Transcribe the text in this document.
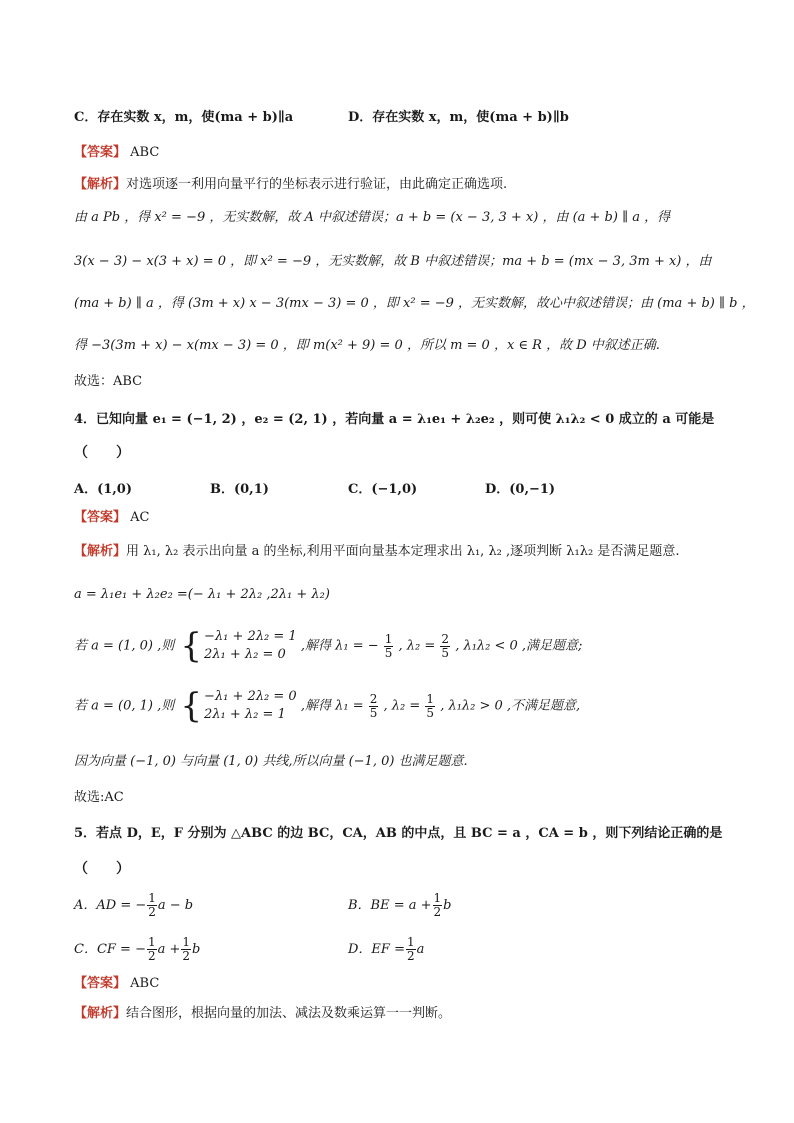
C．存在实数 x，m，使(ma + b)∥a	D．存在实数 x，m，使(ma + b)∥b
【答案】 ABC
【解析】对选项逐一利用向量平行的坐标表示进行验证，由此确定正确选项.
由 a Pb ，得 x² = −9 ，无实数解，故 A 中叙述错误；a + b = (x − 3, 3 + x) ，由 (a + b) ∥ a ，得
3(x − 3) − x(3 + x) = 0 ，即 x² = −9 ，无实数解，故 B 中叙述错误；ma + b = (mx − 3, 3m + x) ，由
(ma + b) ∥ a ，得 (3m + x) x − 3(mx − 3) = 0 ，即 x² = −9 ，无实数解，故心中叙述错误；由 (ma + b) ∥ b ，
得 −3(3m + x) − x(mx − 3) = 0 ，即 m(x² + 9) = 0 ，所以 m = 0 ，x ∈ R ，故 D 中叙述正确.
故选：ABC
4．已知向量 e₁ = (−1, 2) ，e₂ = (2, 1) ，若向量 a = λ₁e₁ + λ₂e₂ ，则可使 λ₁λ₂ < 0 成立的 a 可能是
（　　）
A．(1,0)	B．(0,1)	C．(−1,0)	D．(0,−1)
【答案】 AC
【解析】用 λ₁, λ₂ 表示出向量 a 的坐标,利用平面向量基本定理求出 λ₁, λ₂ ,逐项判断 λ₁λ₂ 是否满足题意.
a = λ₁e₁ + λ₂e₂ =(− λ₁ + 2λ₂ ,2λ₁ + λ₂)
若 a = (1, 0) ,则 { −λ₁ + 2λ₂ = 1
2λ₁ + λ₂ = 0
,解得 λ₁ = − $\frac{1}{5}$ , $\lambda_2 = \frac{2}{5}$ , λ₁λ₂ < 0 ,满足题意;
若 a = (0, 1) ,则 { −λ₁ + 2λ₂ = 0
2λ₁ + λ₂ = 1
,解得 $\lambda_1 = \frac{2}{5}$ , $\lambda_2 = \frac{1}{5}$ , λ₁λ₂ > 0 ,不满足题意,
因为向量 (−1, 0) 与向量 (1, 0) 共线,所以向量 (−1, 0) 也满足题意.
故选:AC
5．若点 D，E，F 分别为 △ABC 的边 BC，CA，AB 的中点，且 BC = a ，CA = b ，则下列结论正确的是
（　　）
A．AD = − $\frac{1}{2}$ a − b	B．BE = $a + \frac{1}{2}$ b
C．CF = − $\frac{1}{2}$ $a + \frac{1}{2}$ b	D．EF = $\frac{1}{2}$ a
【答案】 ABC
【解析】结合图形，根据向量的加法、减法及数乘运算一一判断。
